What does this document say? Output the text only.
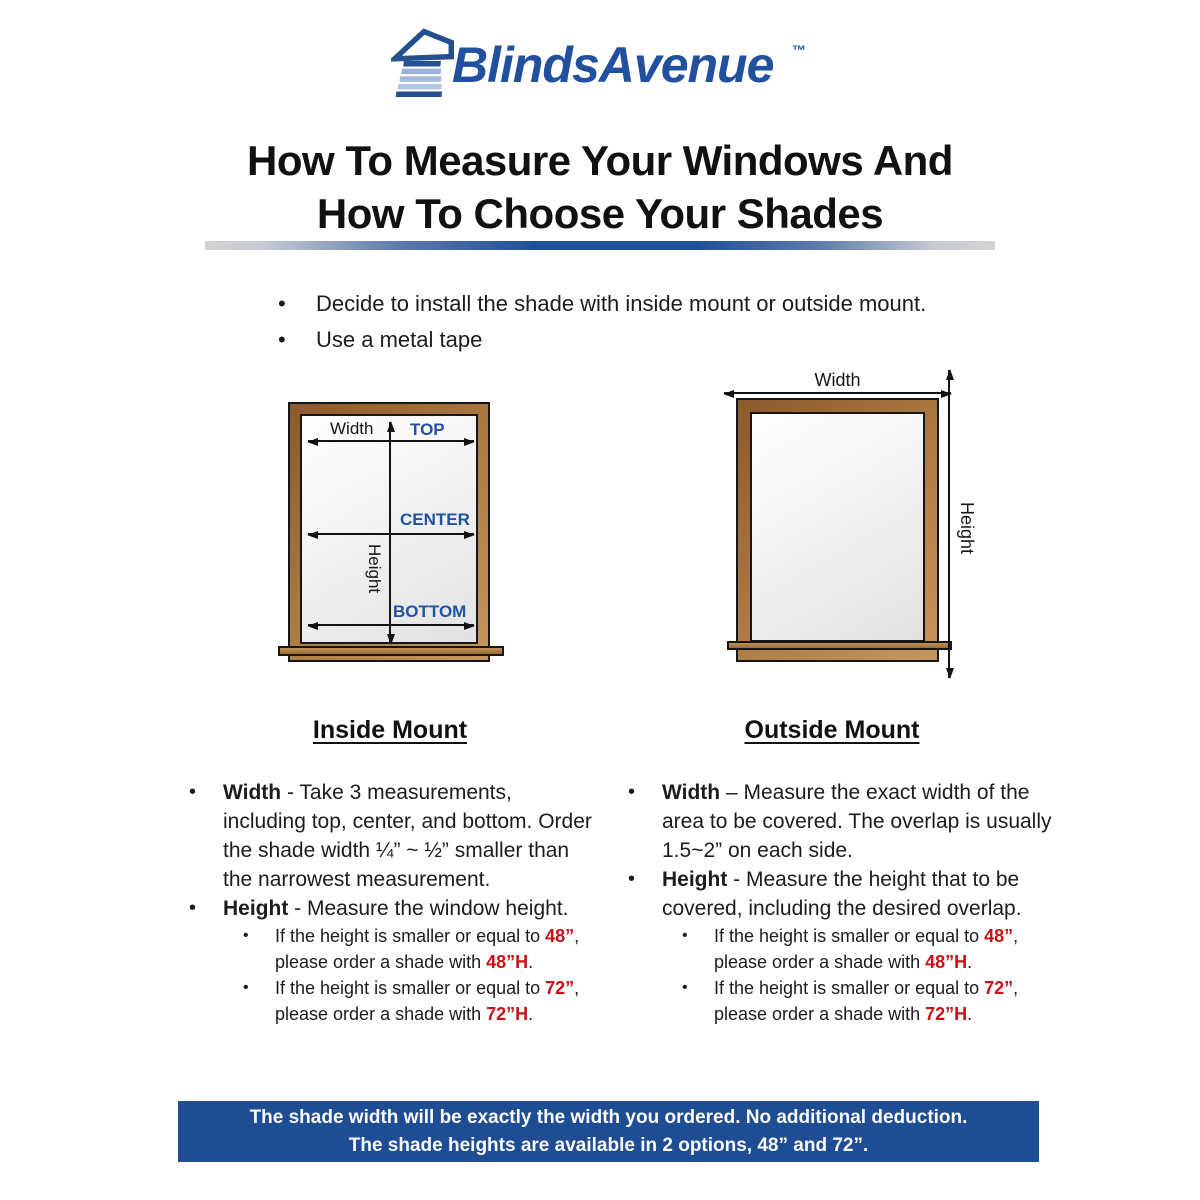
BlindsAvenue ™
How To Measure Your Windows And
How To Choose Your Shades
• Decide to install the shade with inside mount or outside mount.
• Use a metal tape
Width TOP
CENTER
BOTTOM
Height
Width
Height
Inside Mount	Outside Mount
• Width - Take 3 measurements, including top, center, and bottom. Order the shade width ¼” ~ ½” smaller than the narrowest measurement.
• Height - Measure the window height.
• If the height is smaller or equal to 48”, please order a shade with 48”H.
• If the height is smaller or equal to 72”, please order a shade with 72”H.
• Width – Measure the exact width of the area to be covered. The overlap is usually 1.5~2” on each side.
• Height - Measure the height that to be covered, including the desired overlap.
• If the height is smaller or equal to 48”, please order a shade with 48”H.
• If the height is smaller or equal to 72”, please order a shade with 72”H.
The shade width will be exactly the width you ordered. No additional deduction.
The shade heights are available in 2 options, 48” and 72”.
